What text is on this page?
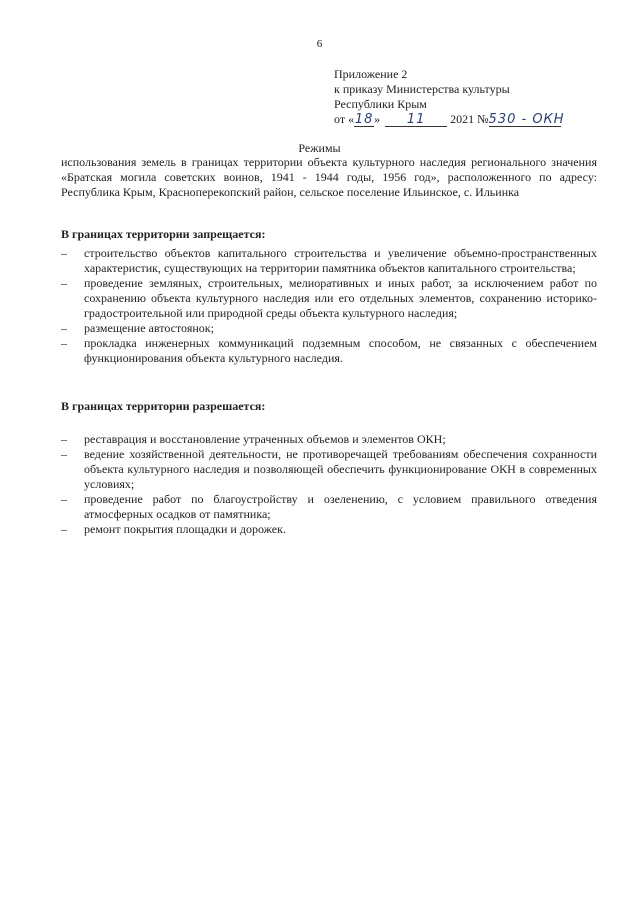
6
Приложение 2
к приказу Министерства культуры
Республики Крым
от «18» 11 2021 №530 - ОКН
Режимы
использования земель в границах территории объекта культурного наследия регионального значения «Братская могила советских воинов, 1941 - 1944 годы, 1956 год», расположенного по адресу: Республика Крым, Красноперекопский район, сельское поселение Ильинское, с. Ильинка
В границах территории запрещается:
– строительство объектов капитального строительства и увеличение объемно-пространственных характеристик, существующих на территории памятника объектов капитального строительства;
– проведение земляных, строительных, мелиоративных и иных работ, за исключением работ по сохранению объекта культурного наследия или его отдельных элементов, сохранению историко-градостроительной или природной среды объекта культурного наследия;
– размещение автостоянок;
– прокладка инженерных коммуникаций подземным способом, не связанных с обеспечением функционирования объекта культурного наследия.
В границах территории разрешается:
– реставрация и восстановление утраченных объемов и элементов ОКН;
– ведение хозяйственной деятельности, не противоречащей требованиям обеспечения сохранности объекта культурного наследия и позволяющей обеспечить функционирование ОКН в современных условиях;
– проведение работ по благоустройству и озеленению, с условием правильного отведения атмосферных осадков от памятника;
– ремонт покрытия площадки и дорожек.
